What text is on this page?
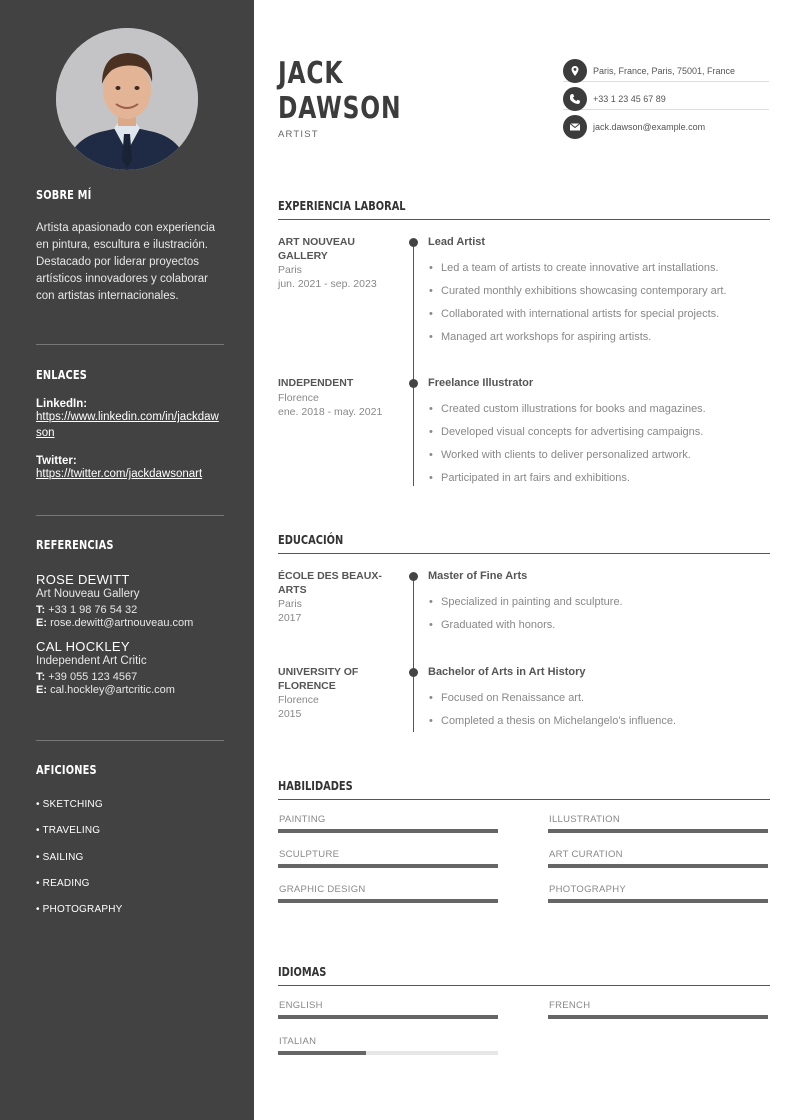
SOBRE MÍ
Artista apasionado con experiencia en pintura, escultura e ilustración. Destacado por liderar proyectos artísticos innovadores y colaborar con artistas internacionales.
ENLACES
LinkedIn:
https://www.linkedin.com/in/jackdawson
Twitter:
https://twitter.com/jackdawsonart
REFERENCIAS
ROSE DEWITT
Art Nouveau Gallery
T: +33 1 98 76 54 32
E: rose.dewitt@artnouveau.com
CAL HOCKLEY
Independent Art Critic
T: +39 055 123 4567
E: cal.hockley@artcritic.com
AFICIONES
• SKETCHING
• TRAVELING
• SAILING
• READING
• PHOTOGRAPHY
JACK
DAWSON
ARTIST
Paris, France, Paris, 75001, France
+33 1 23 45 67 89
jack.dawson@example.com
EXPERIENCIA LABORAL
ART NOUVEAU GALLERY
Paris
jun. 2021 - sep. 2023
Lead Artist
• Led a team of artists to create innovative art installations.
• Curated monthly exhibitions showcasing contemporary art.
• Collaborated with international artists for special projects.
• Managed art workshops for aspiring artists.
INDEPENDENT
Florence
ene. 2018 - may. 2021
Freelance Illustrator
• Created custom illustrations for books and magazines.
• Developed visual concepts for advertising campaigns.
• Worked with clients to deliver personalized artwork.
• Participated in art fairs and exhibitions.
EDUCACIÓN
ÉCOLE DES BEAUX-ARTS
Paris
2017
Master of Fine Arts
• Specialized in painting and sculpture.
• Graduated with honors.
UNIVERSITY OF FLORENCE
Florence
2015
Bachelor of Arts in Art History
• Focused on Renaissance art.
• Completed a thesis on Michelangelo's influence.
HABILIDADES
PAINTING	ILLUSTRATION
SCULPTURE	ART CURATION
GRAPHIC DESIGN	PHOTOGRAPHY
IDIOMAS
ENGLISH	FRENCH
ITALIAN
